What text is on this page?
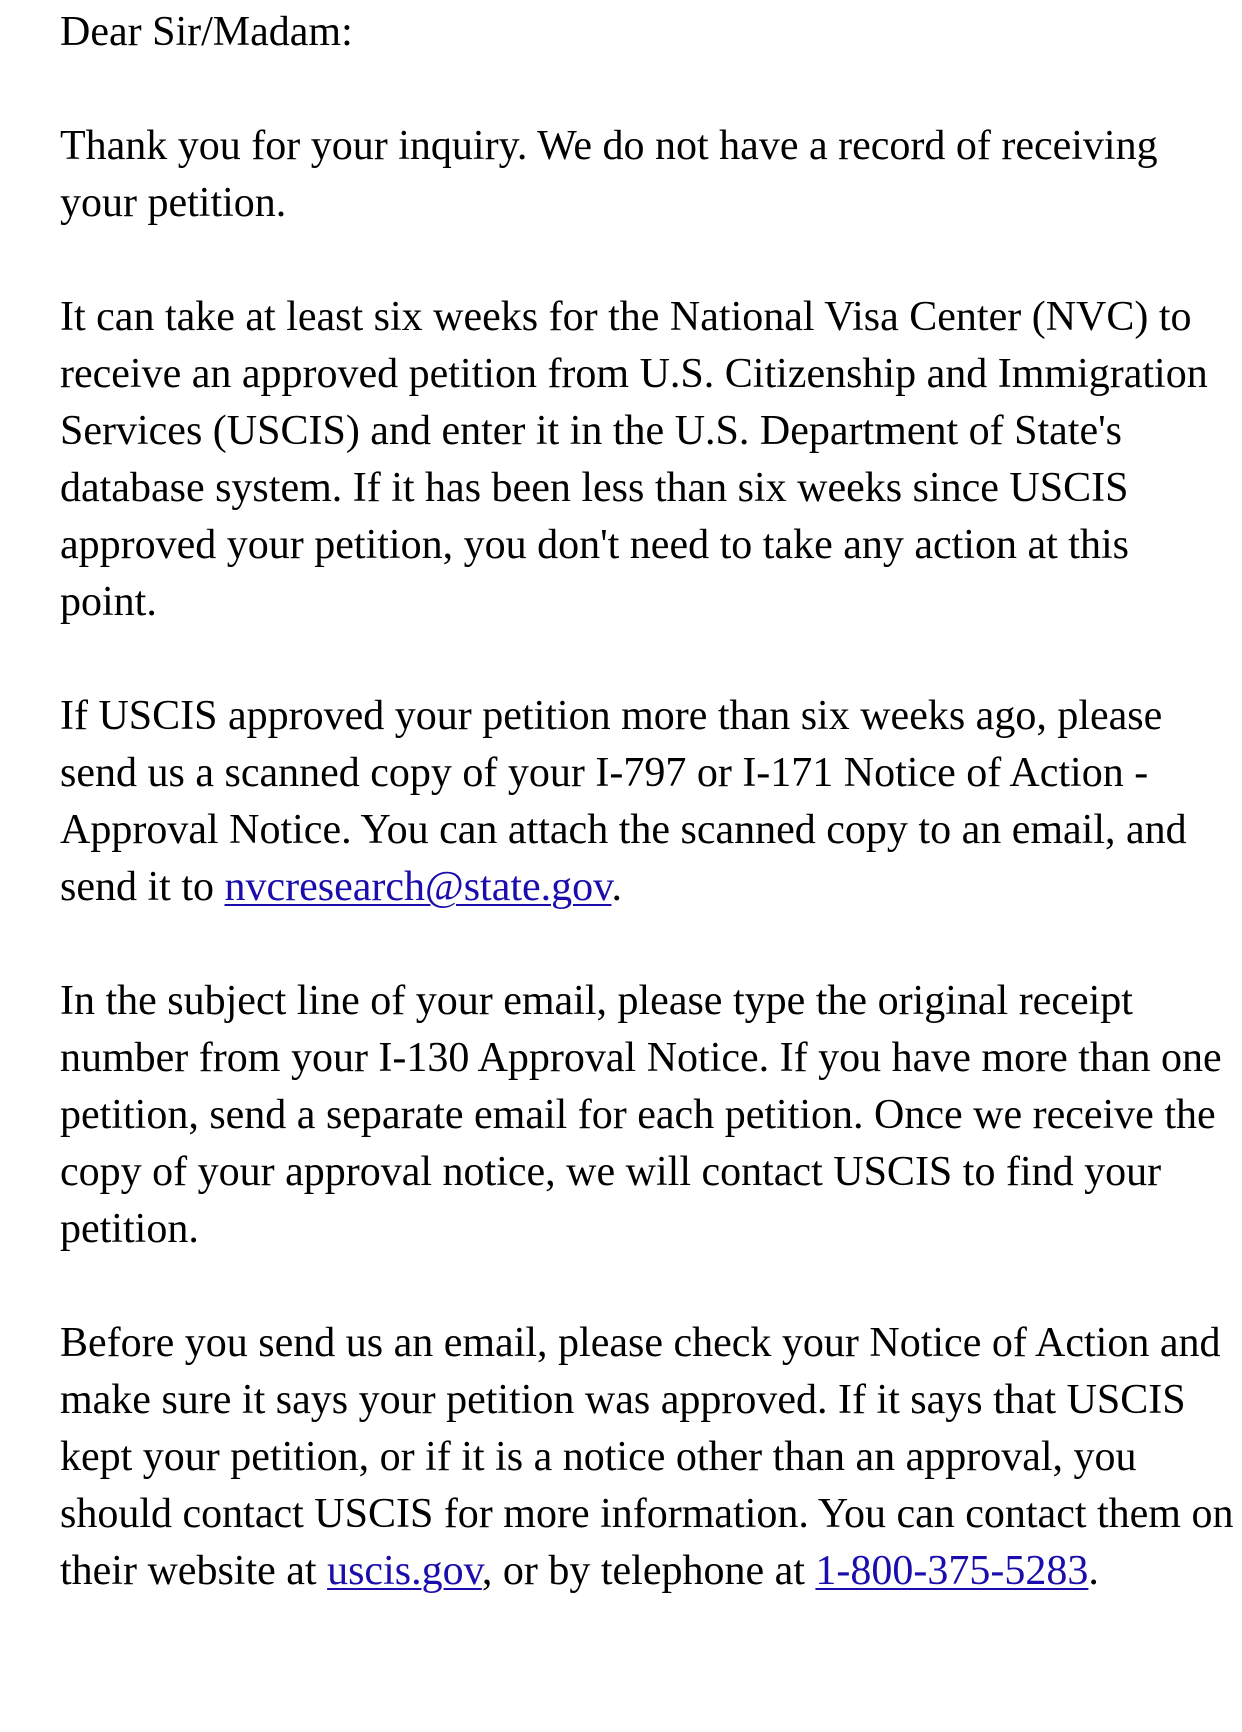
Dear Sir/Madam:

Thank you for your inquiry. We do not have a record of receiving your petition.

It can take at least six weeks for the National Visa Center (NVC) to receive an approved petition from U.S. Citizenship and Immigration Services (USCIS) and enter it in the U.S. Department of State's database system. If it has been less than six weeks since USCIS approved your petition, you don't need to take any action at this point.

If USCIS approved your petition more than six weeks ago, please send us a scanned copy of your I-797 or I-171 Notice of Action - Approval Notice. You can attach the scanned copy to an email, and send it to nvcresearch@state.gov.

In the subject line of your email, please type the original receipt number from your I-130 Approval Notice. If you have more than one petition, send a separate email for each petition. Once we receive the copy of your approval notice, we will contact USCIS to find your petition.

Before you send us an email, please check your Notice of Action and make sure it says your petition was approved. If it says that USCIS kept your petition, or if it is a notice other than an approval, you should contact USCIS for more information. You can contact them on their website at uscis.gov, or by telephone at 1-800-375-5283.
